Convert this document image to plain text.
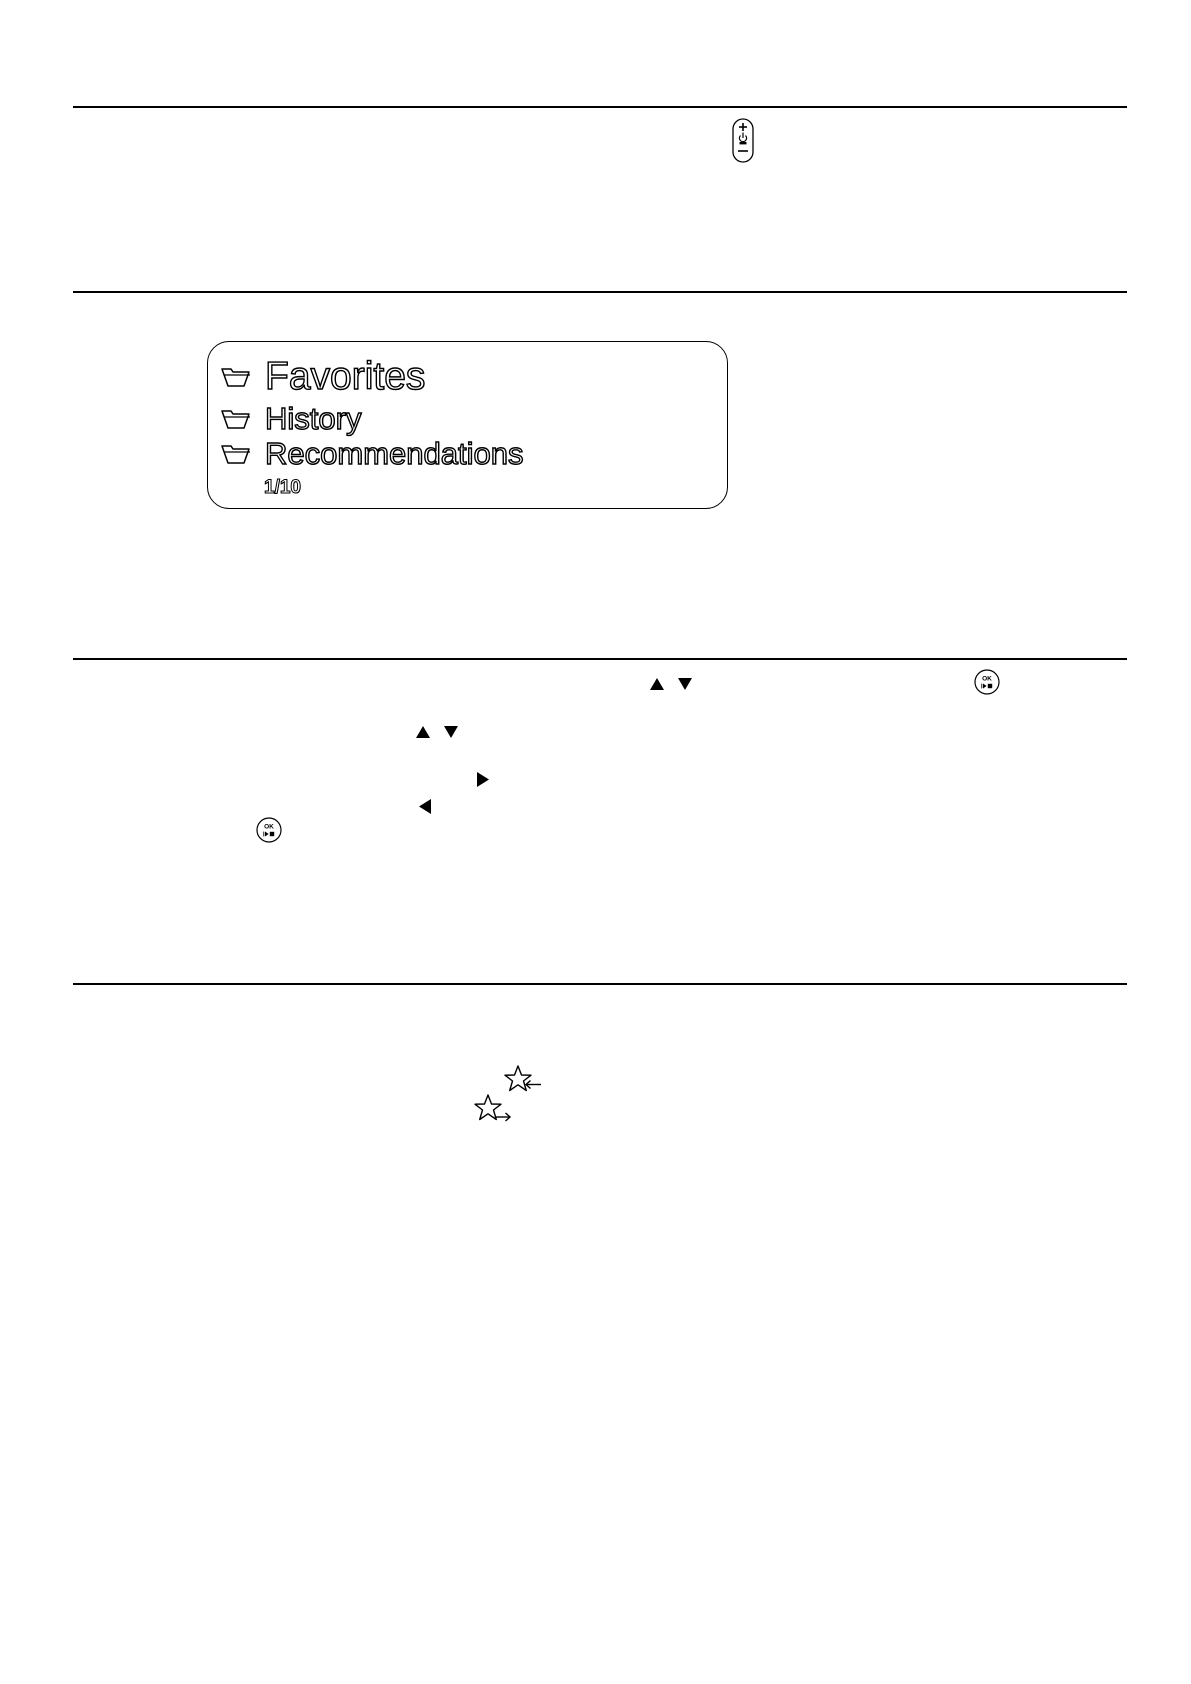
Favorites
History
Recommendations
1/10
OK
OK
